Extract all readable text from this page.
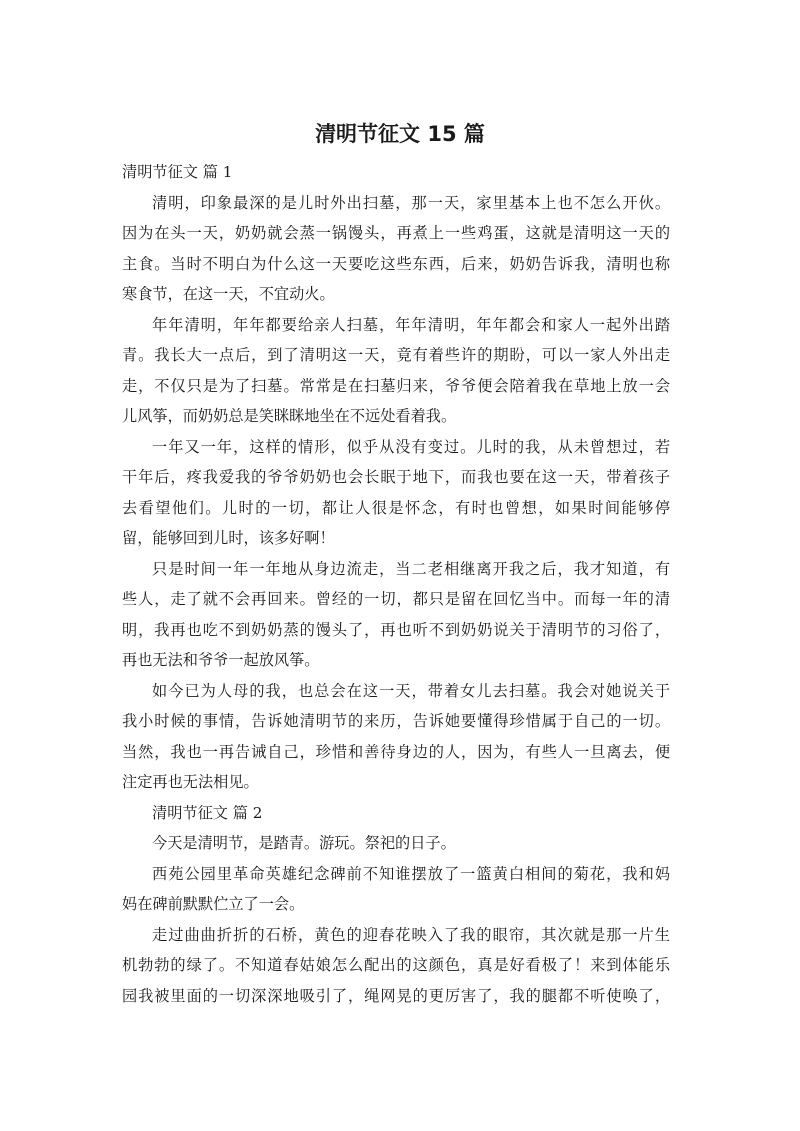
清明节征文 15 篇
清明节征文 篇 1
清明，印象最深的是儿时外出扫墓，那一天，家里基本上也不怎么开伙。
因为在头一天，奶奶就会蒸一锅馒头，再煮上一些鸡蛋，这就是清明这一天的
主食。当时不明白为什么这一天要吃这些东西，后来，奶奶告诉我，清明也称
寒食节，在这一天，不宜动火。
年年清明，年年都要给亲人扫墓，年年清明，年年都会和家人一起外出踏
青。我长大一点后，到了清明这一天，竟有着些许的期盼，可以一家人外出走
走，不仅只是为了扫墓。常常是在扫墓归来，爷爷便会陪着我在草地上放一会
儿风筝，而奶奶总是笑眯眯地坐在不远处看着我。
一年又一年，这样的情形，似乎从没有变过。儿时的我，从未曾想过，若
干年后，疼我爱我的爷爷奶奶也会长眠于地下，而我也要在这一天，带着孩子
去看望他们。儿时的一切，都让人很是怀念，有时也曾想，如果时间能够停
留，能够回到儿时，该多好啊！
只是时间一年一年地从身边流走，当二老相继离开我之后，我才知道，有
些人，走了就不会再回来。曾经的一切，都只是留在回忆当中。而每一年的清
明，我再也吃不到奶奶蒸的馒头了，再也听不到奶奶说关于清明节的习俗了，
再也无法和爷爷一起放风筝。
如今已为人母的我，也总会在这一天，带着女儿去扫墓。我会对她说关于
我小时候的事情，告诉她清明节的来历，告诉她要懂得珍惜属于自己的一切。
当然，我也一再告诫自己，珍惜和善待身边的人，因为，有些人一旦离去，便
注定再也无法相见。
清明节征文 篇 2
今天是清明节，是踏青。游玩。祭祀的日子。
西苑公园里革命英雄纪念碑前不知谁摆放了一篮黄白相间的菊花，我和妈
妈在碑前默默伫立了一会。
走过曲曲折折的石桥，黄色的迎春花映入了我的眼帘，其次就是那一片生
机勃勃的绿了。不知道春姑娘怎么配出的这颜色，真是好看极了！来到体能乐
园我被里面的一切深深地吸引了，绳网晃的更厉害了，我的腿都不听使唤了，
